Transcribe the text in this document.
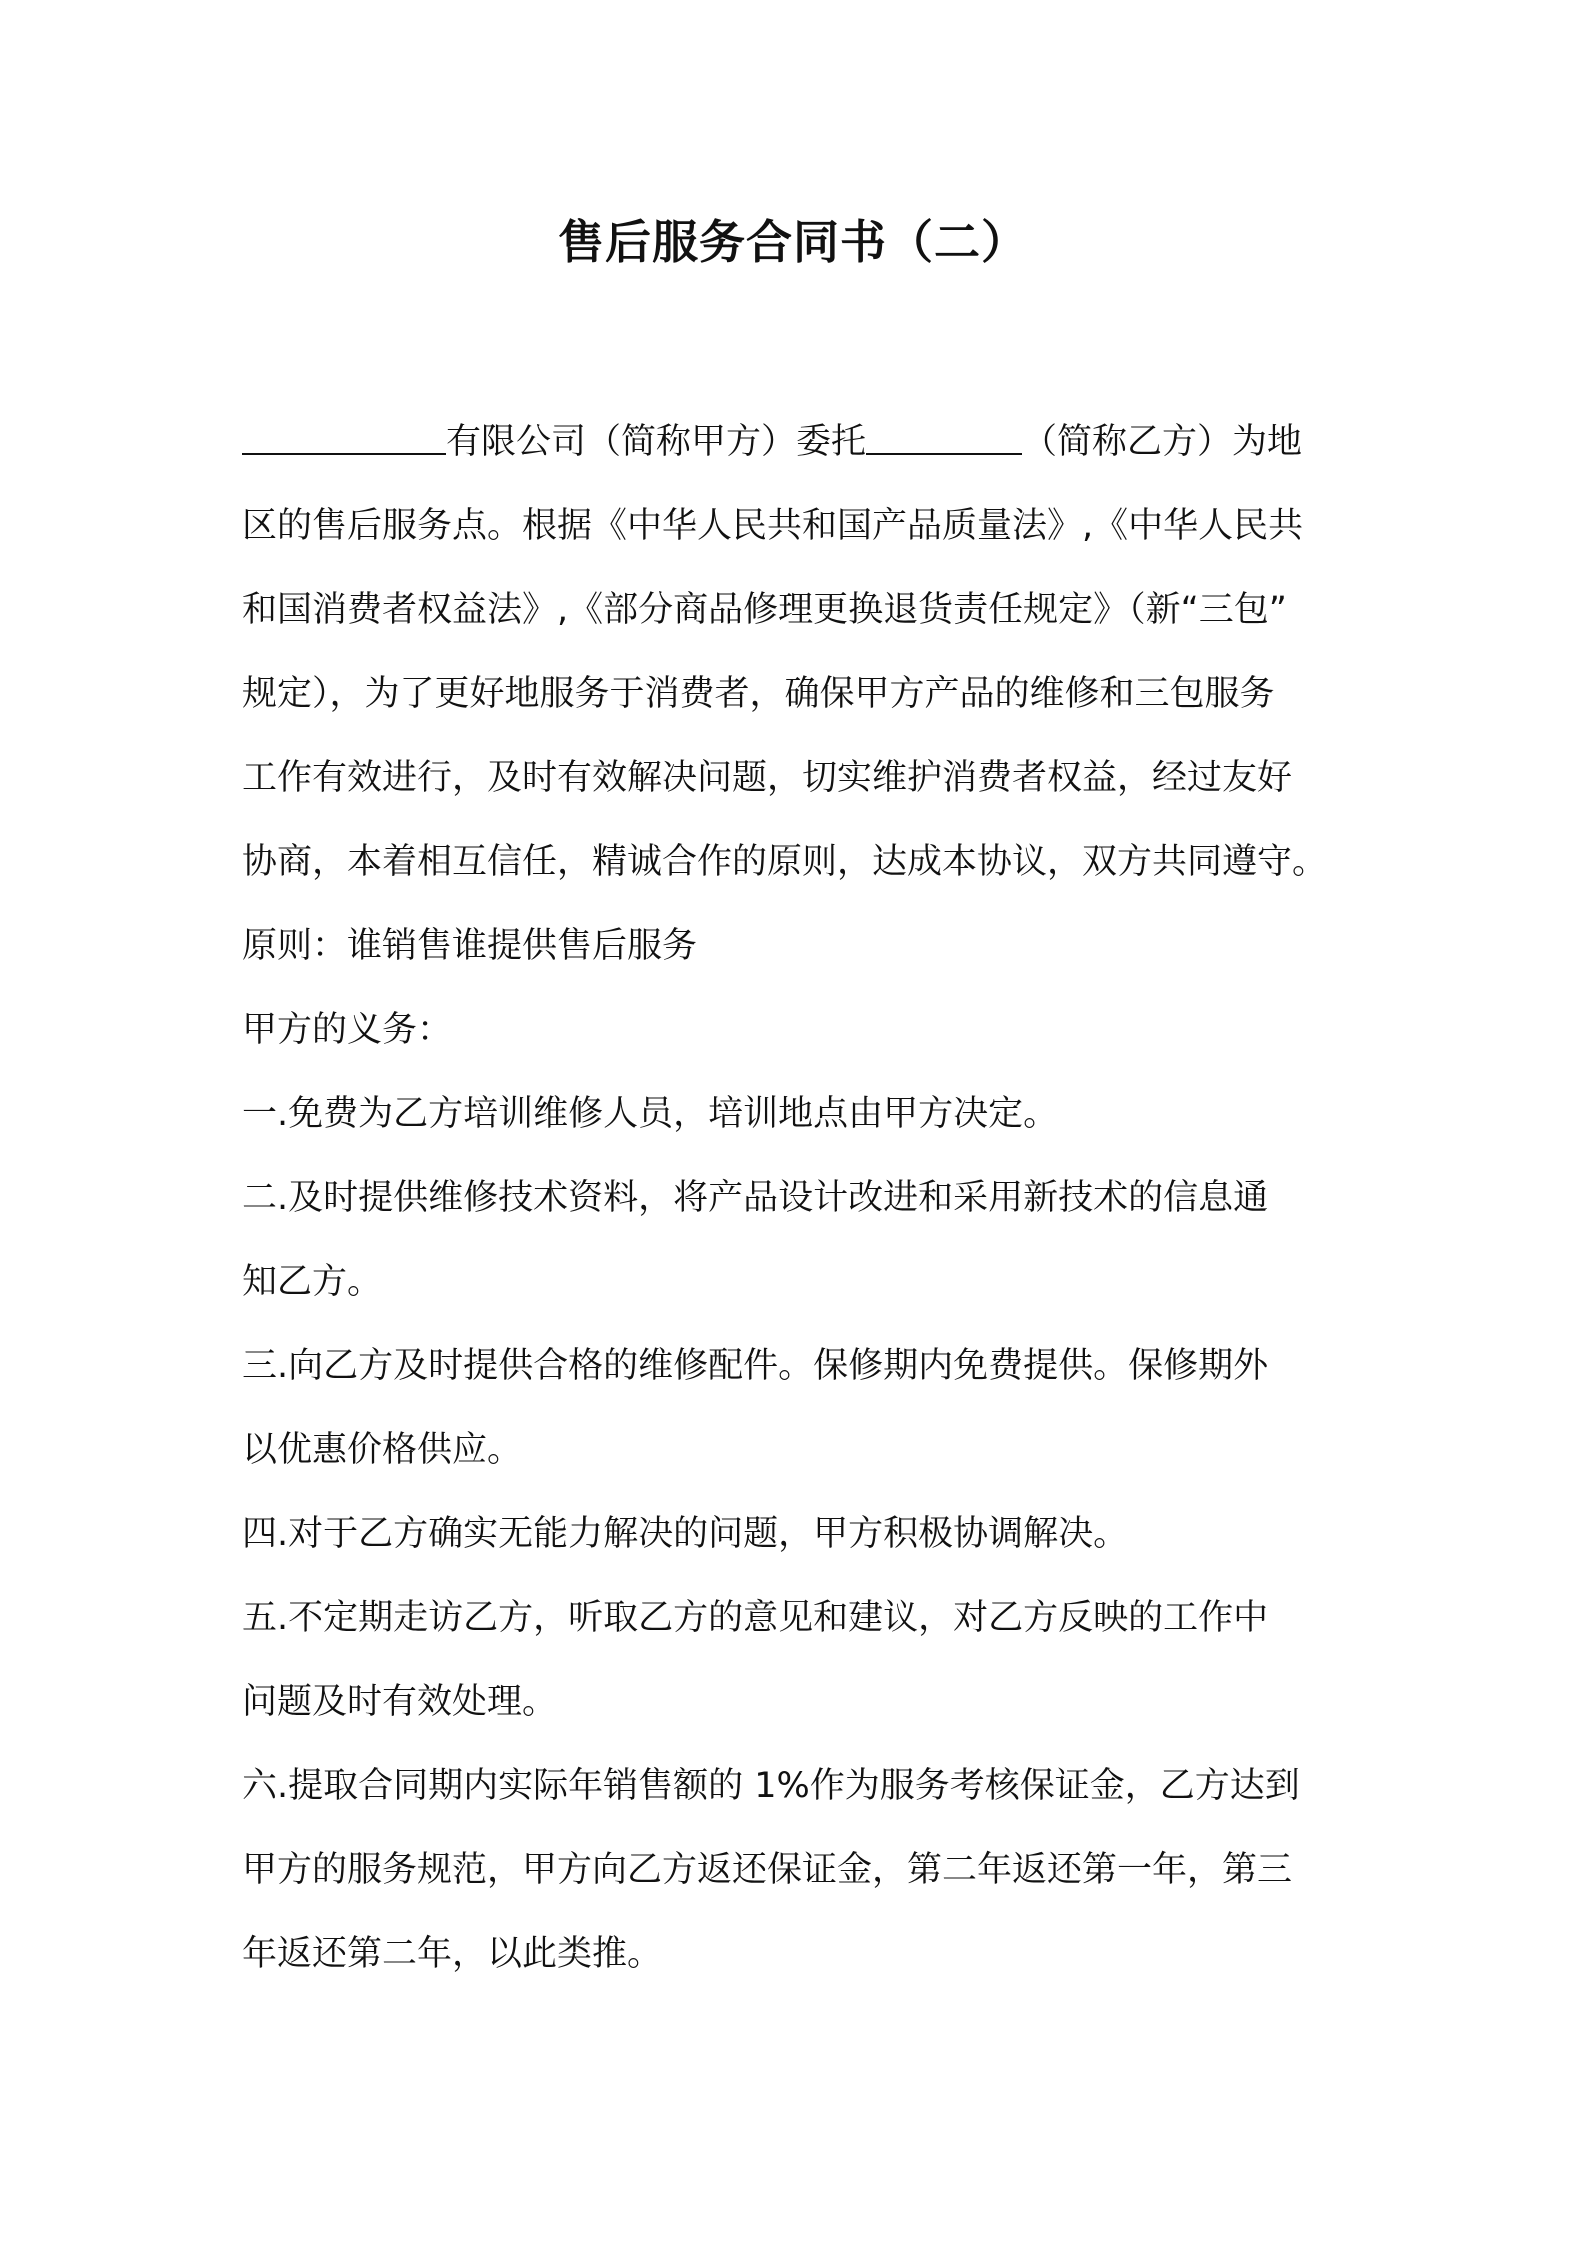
售后服务合同书（二）
有限公司（简称甲方）委托	（简称乙方）为地
区的售后服务点。根据《中华人民共和国产品质量法》,《中华人民共
和国消费者权益法》,《部分商品修理更换退货责任规定》（新“三包”
规定），为了更好地服务于消费者，确保甲方产品的维修和三包服务
工作有效进行，及时有效解决问题，切实维护消费者权益，经过友好
协商，本着相互信任，精诚合作的原则，达成本协议，双方共同遵守。
原则：谁销售谁提供售后服务
甲方的义务：
一.免费为乙方培训维修人员，培训地点由甲方决定。
二.及时提供维修技术资料，将产品设计改进和采用新技术的信息通
知乙方。
三.向乙方及时提供合格的维修配件。保修期内免费提供。保修期外
以优惠价格供应。
四.对于乙方确实无能力解决的问题，甲方积极协调解决。
五.不定期走访乙方，听取乙方的意见和建议，对乙方反映的工作中
问题及时有效处理。
六.提取合同期内实际年销售额的 1%作为服务考核保证金，乙方达到
甲方的服务规范，甲方向乙方返还保证金，第二年返还第一年，第三
年返还第二年，以此类推。
